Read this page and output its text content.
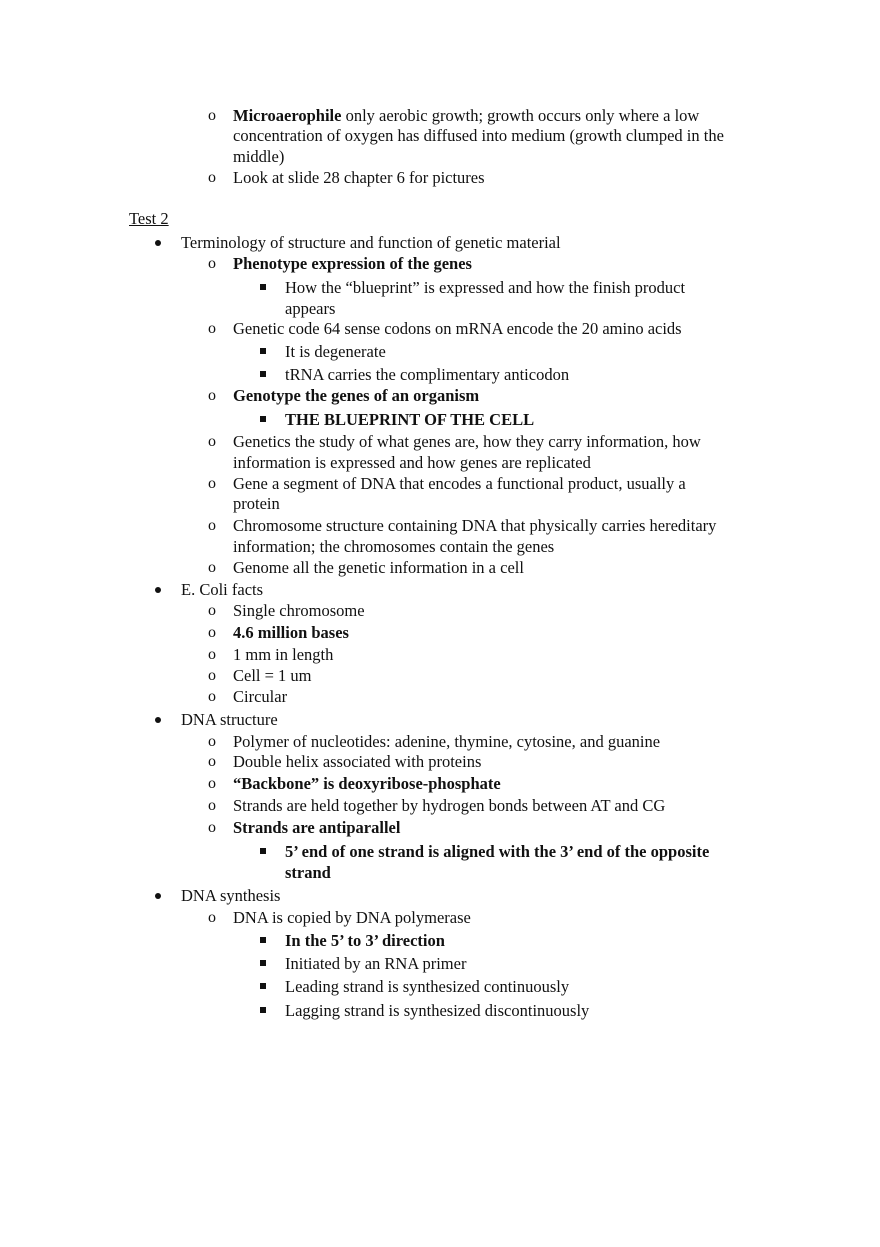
o Microaerophile only aerobic growth; growth occurs only where a low
concentration of oxygen has diffused into medium (growth clumped in the
middle)
o Look at slide 28 chapter 6 for pictures
Test 2
Terminology of structure and function of genetic material
o Phenotype expression of the genes
How the “blueprint” is expressed and how the finish product
appears
o Genetic code 64 sense codons on mRNA encode the 20 amino acids
It is degenerate
tRNA carries the complimentary anticodon
o Genotype the genes of an organism
THE BLUEPRINT OF THE CELL
o Genetics the study of what genes are, how they carry information, how
information is expressed and how genes are replicated
o Gene a segment of DNA that encodes a functional product, usually a
protein
o Chromosome structure containing DNA that physically carries hereditary
information; the chromosomes contain the genes
o Genome all the genetic information in a cell
E. Coli facts
o Single chromosome
o 4.6 million bases
o 1 mm in length
o Cell = 1 um
o Circular
DNA structure
o Polymer of nucleotides: adenine, thymine, cytosine, and guanine
o Double helix associated with proteins
o “Backbone” is deoxyribose-phosphate
o Strands are held together by hydrogen bonds between AT and CG
o Strands are antiparallel
5’ end of one strand is aligned with the 3’ end of the opposite
strand
DNA synthesis
o DNA is copied by DNA polymerase
In the 5’ to 3’ direction
Initiated by an RNA primer
Leading strand is synthesized continuously
Lagging strand is synthesized discontinuously
